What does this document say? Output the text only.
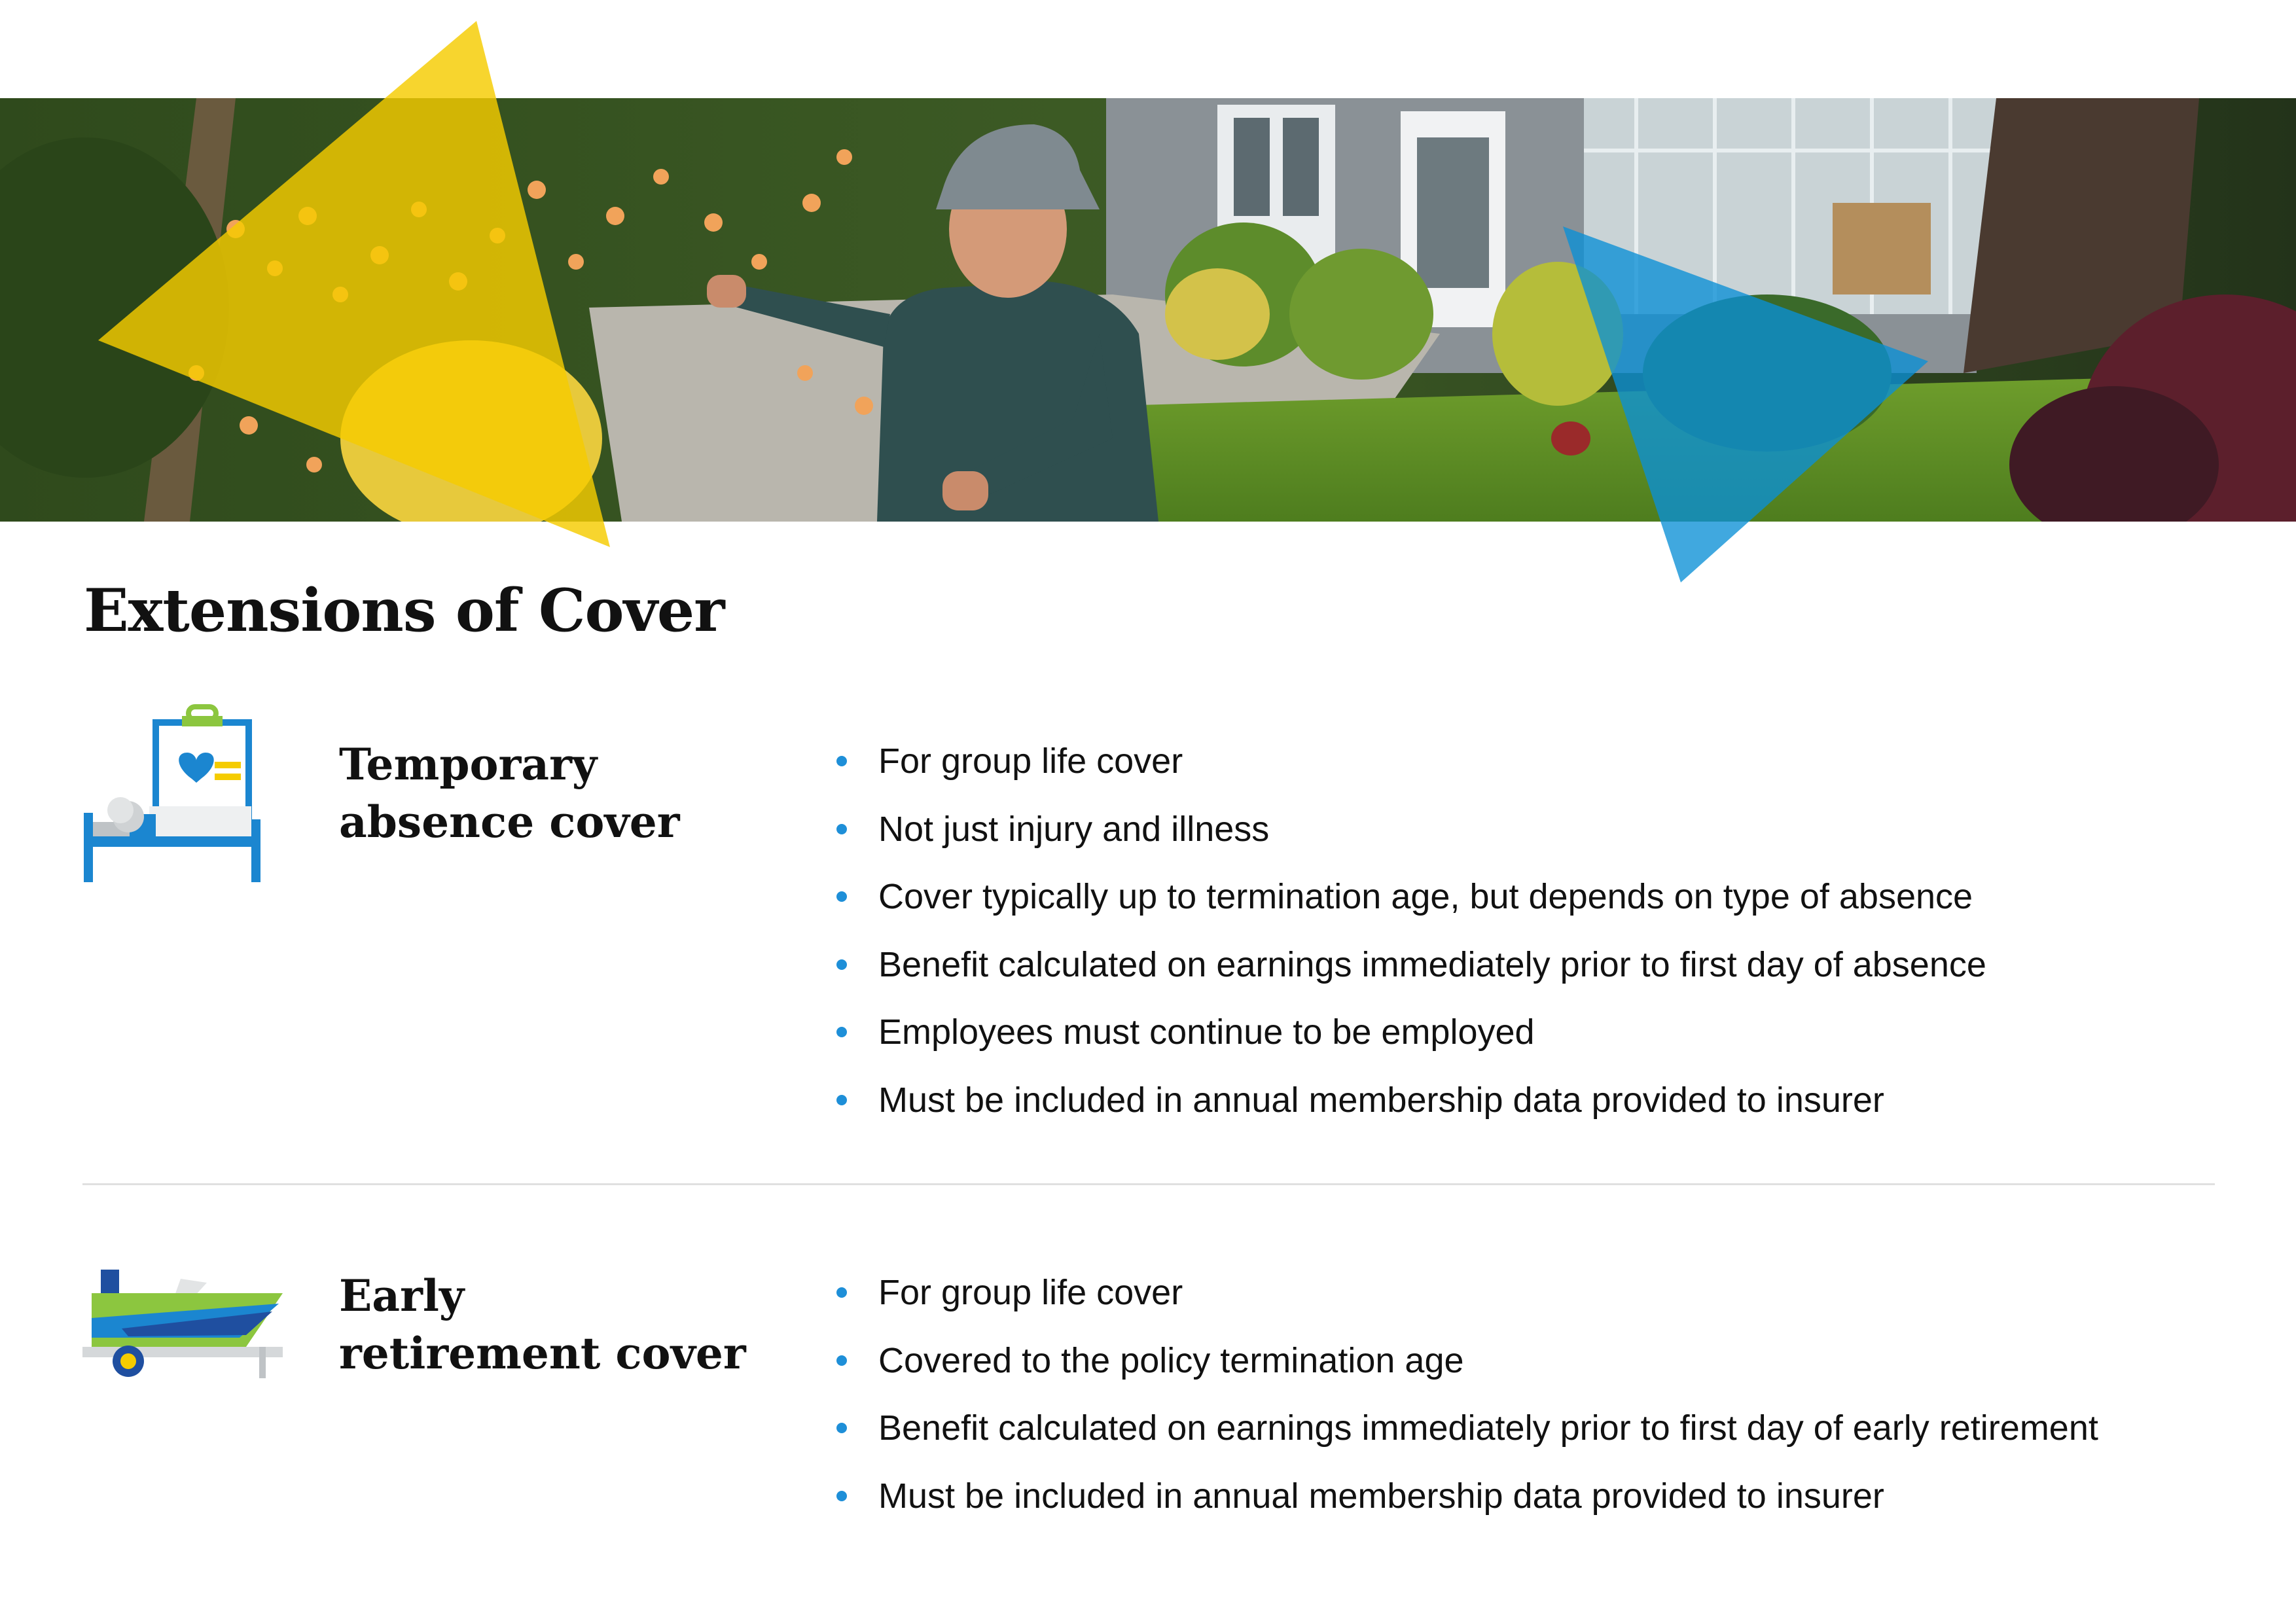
Extensions of Cover
Temporary
absence cover
For group life cover
Not just injury and illness
Cover typically up to termination age, but depends on type of absence
Benefit calculated on earnings immediately prior to first day of absence
Employees must continue to be employed
Must be included in annual membership data provided to insurer
Early
retirement cover
For group life cover
Covered to the policy termination age
Benefit calculated on earnings immediately prior to first day of early retirement
Must be included in annual membership data provided to insurer
